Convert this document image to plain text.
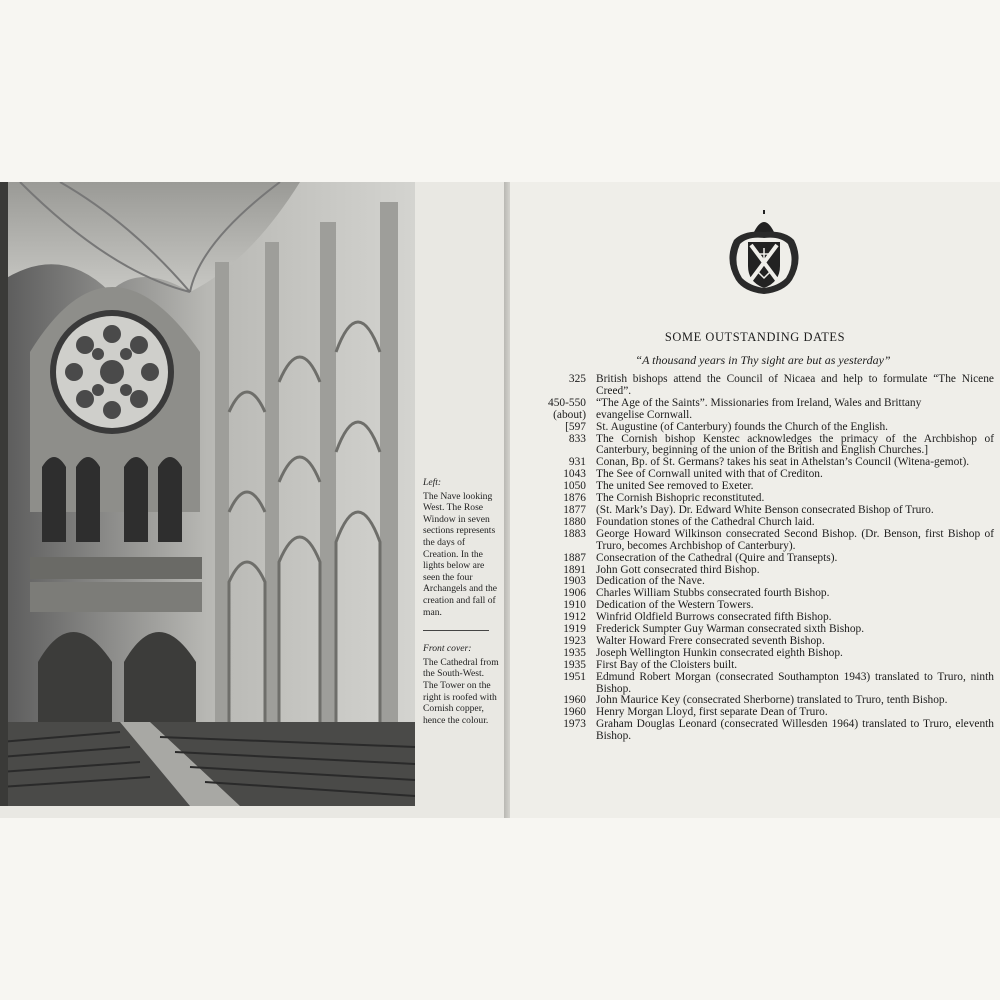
Left:

The Nave looking West. The Rose Window in seven sections represents the days of Creation. In the lights below are seen the four Archangels and the creation and fall of man.

Front cover:

The Cathedral from the South-West. The Tower on the right is roofed with Cornish copper, hence the colour.

SOME OUTSTANDING DATES
“A thousand years in Thy sight are but as yesterday”
325 British bishops attend the Council of Nicaea and help to formulate “The Nicene Creed”.
450-550 “The Age of the Saints”. Missionaries from Ireland, Wales and Brittany
(about) evangelise Cornwall.
[597 St. Augustine (of Canterbury) founds the Church of the English.
833 The Cornish bishop Kenstec acknowledges the primacy of the Archbishop of Canterbury, beginning of the union of the British and English Churches.]
931 Conan, Bp. of St. Germans? takes his seat in Athelstan’s Council (Witena-gemot).
1043 The See of Cornwall united with that of Crediton.
1050 The united See removed to Exeter.
1876 The Cornish Bishopric reconstituted.
1877 (St. Mark’s Day). Dr. Edward White Benson consecrated Bishop of Truro.
1880 Foundation stones of the Cathedral Church laid.
1883 George Howard Wilkinson consecrated Second Bishop. (Dr. Benson, first Bishop of Truro, becomes Archbishop of Canterbury).
1887 Consecration of the Cathedral (Quire and Transepts).
1891 John Gott consecrated third Bishop.
1903 Dedication of the Nave.
1906 Charles William Stubbs consecrated fourth Bishop.
1910 Dedication of the Western Towers.
1912 Winfrid Oldfield Burrows consecrated fifth Bishop.
1919 Frederick Sumpter Guy Warman consecrated sixth Bishop.
1923 Walter Howard Frere consecrated seventh Bishop.
1935 Joseph Wellington Hunkin consecrated eighth Bishop.
1935 First Bay of the Cloisters built.
1951 Edmund Robert Morgan (consecrated Southampton 1943) translated to Truro, ninth Bishop.
1960 John Maurice Key (consecrated Sherborne) translated to Truro, tenth Bishop.
1960 Henry Morgan Lloyd, first separate Dean of Truro.
1973 Graham Douglas Leonard (consecrated Willesden 1964) translated to Truro, eleventh Bishop.
